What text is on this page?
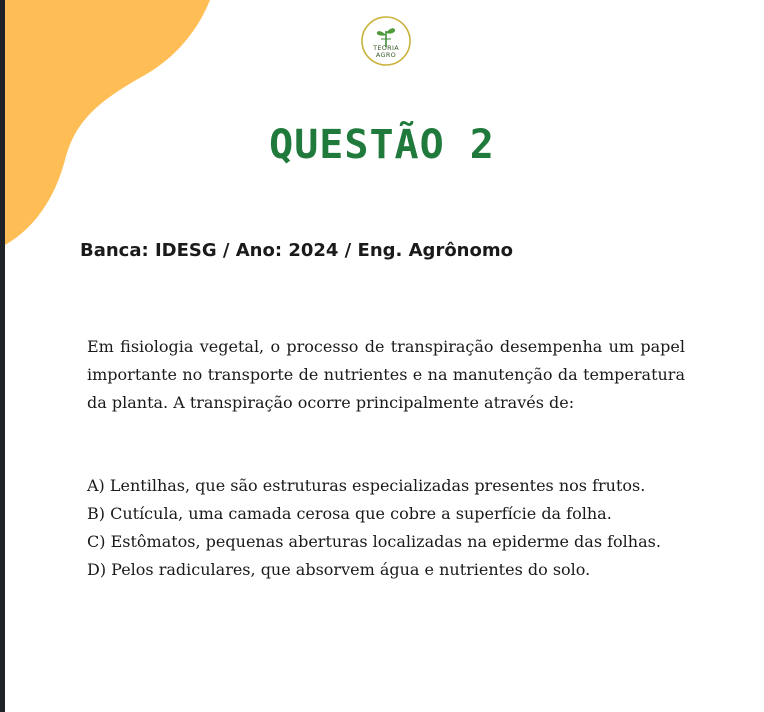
TEORIA
AGRO
QUESTÃO 2
Banca: IDESG / Ano: 2024 / Eng. Agrônomo
Em fisiologia vegetal, o processo de transpiração desempenha um papel importante no transporte de nutrientes e na manutenção da temperatura da planta. A transpiração ocorre principalmente através de:
A) Lentilhas, que são estruturas especializadas presentes nos frutos.
B) Cutícula, uma camada cerosa que cobre a superfície da folha.
C) Estômatos, pequenas aberturas localizadas na epiderme das folhas.
D) Pelos radiculares, que absorvem água e nutrientes do solo.
